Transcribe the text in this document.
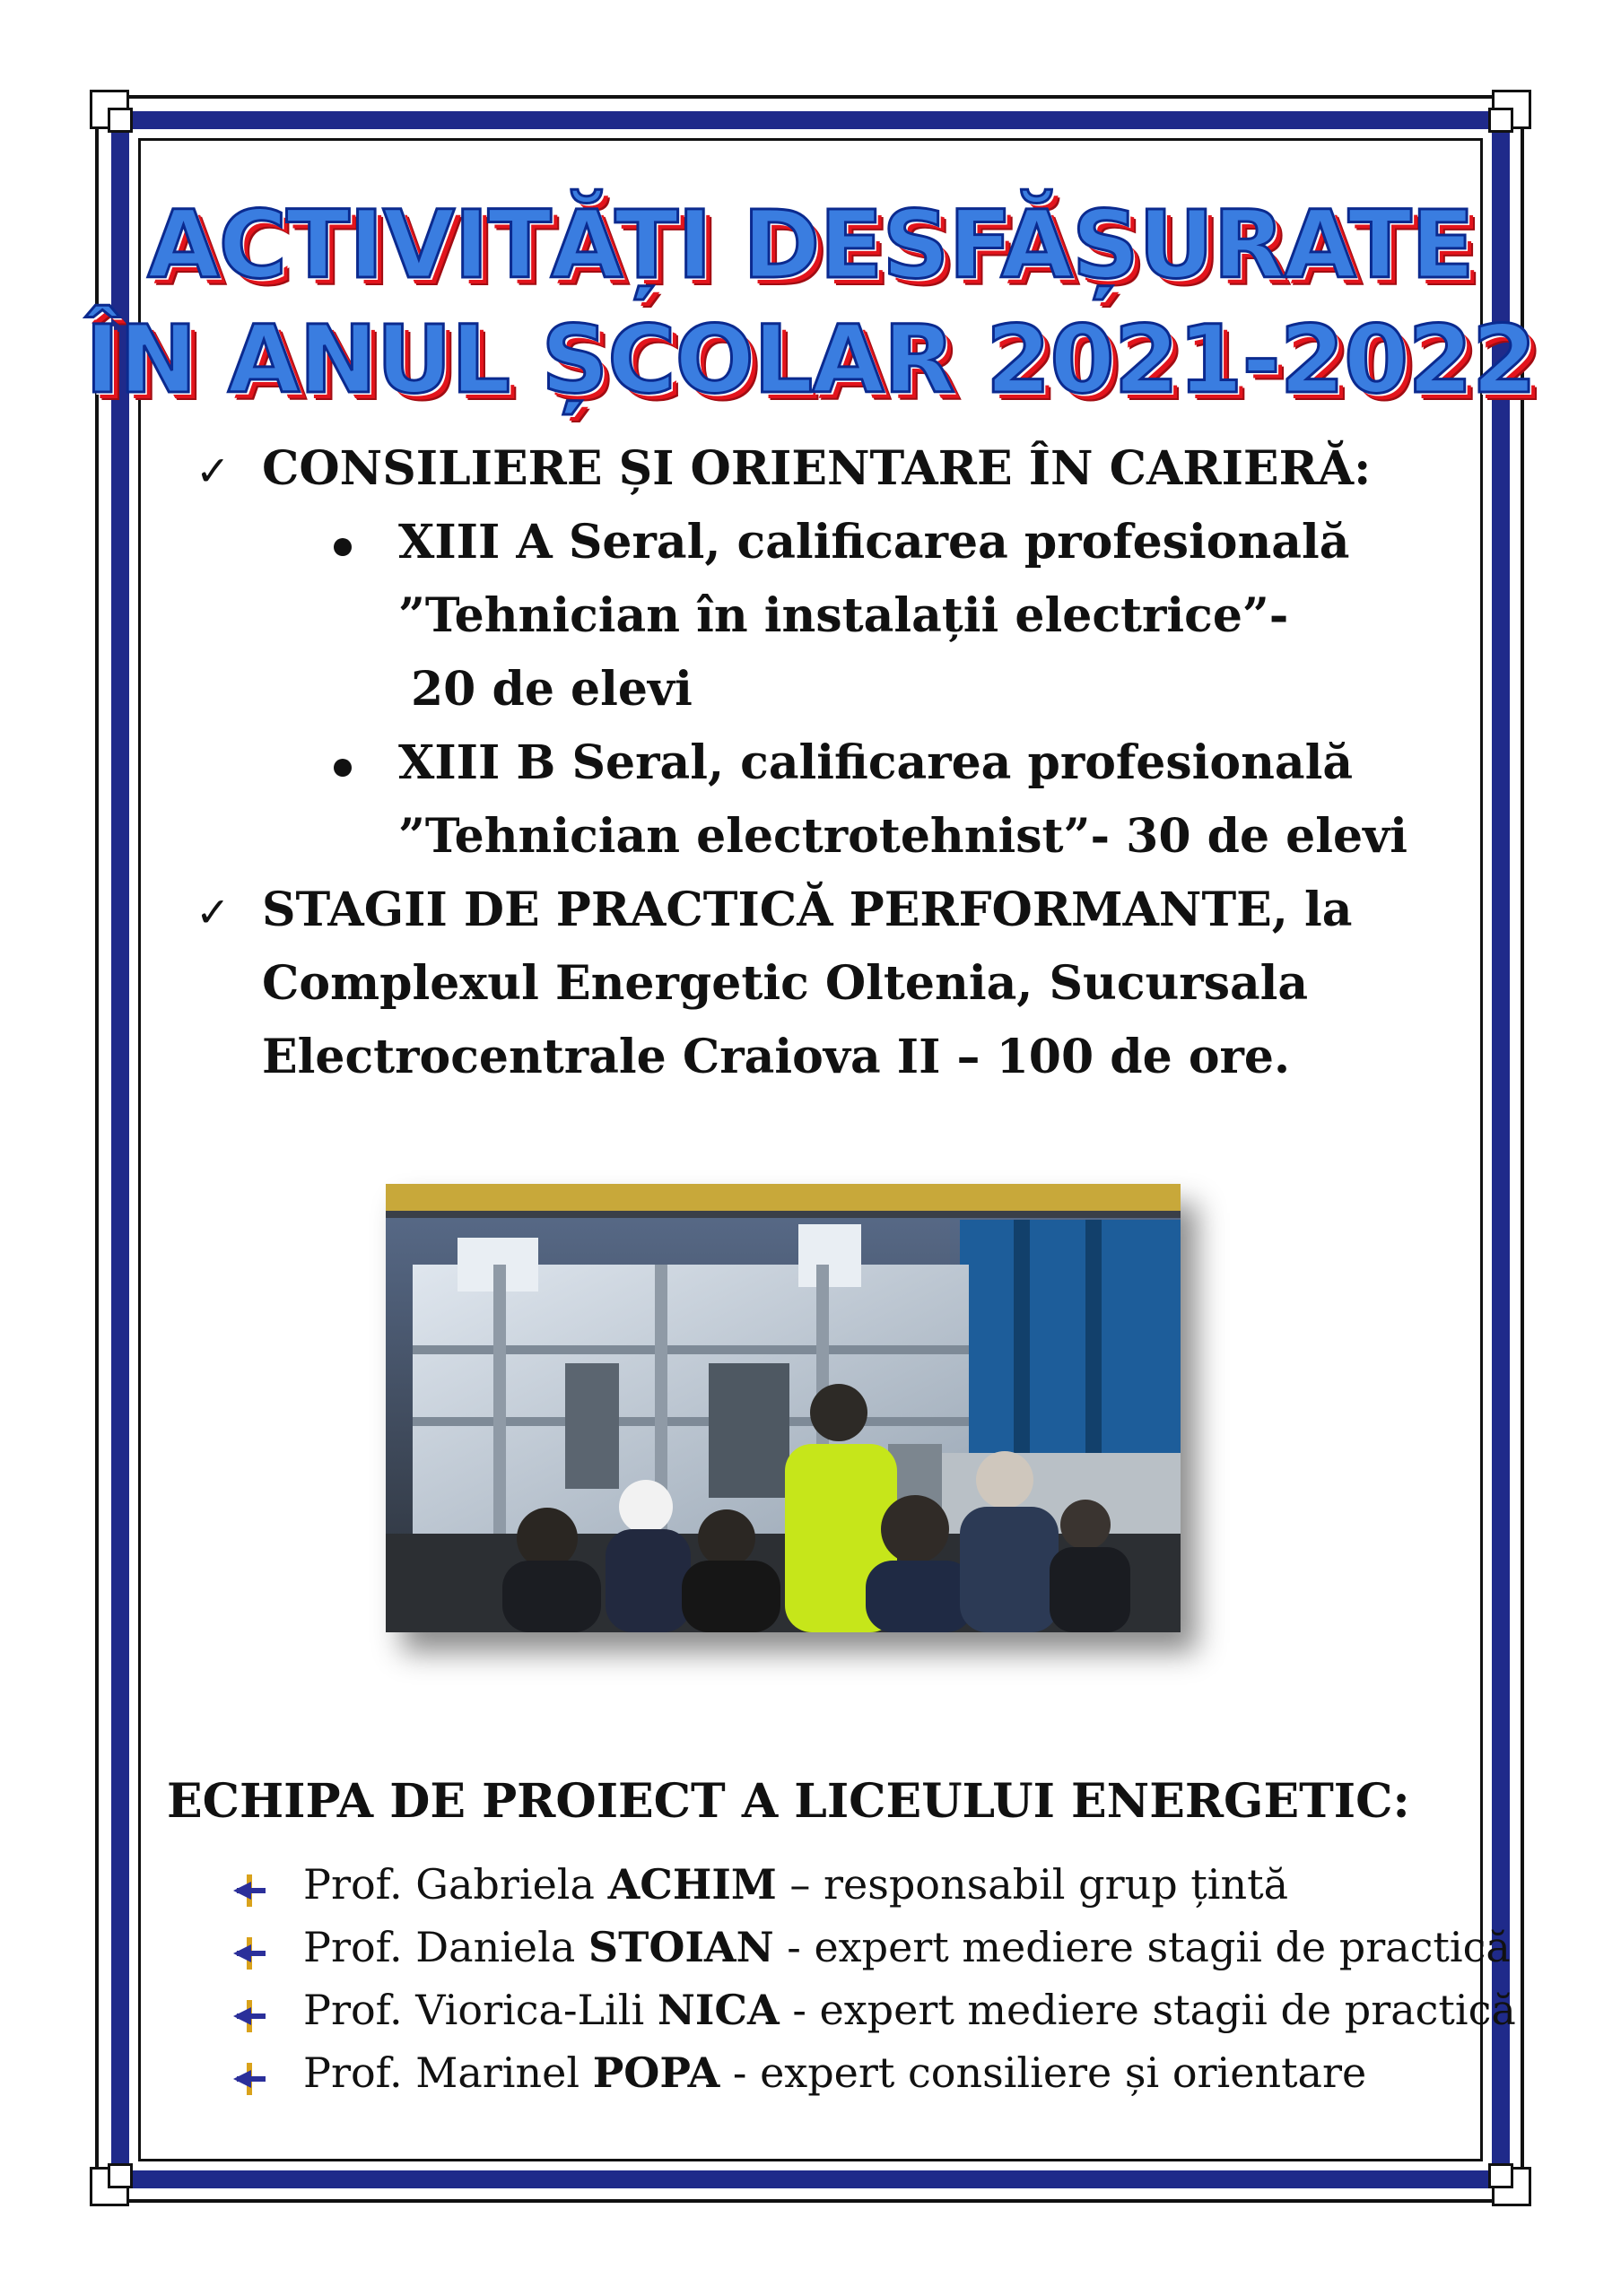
ACTIVITĂȚI DESFĂȘURATE
ÎN ANUL ȘCOLAR 2021-2022
✓ CONSILIERE ȘI ORIENTARE ÎN CARIERĂ:
XIII A Seral, calificarea profesională
”Tehnician în instalații electrice”-
20 de elevi
XIII B Seral, calificarea profesională
”Tehnician electrotehnist”- 30 de elevi
✓ STAGII DE PRACTICĂ PERFORMANTE, la
Complexul Energetic Oltenia, Sucursala
Electrocentrale Craiova II – 100 de ore.
ECHIPA DE PROIECT A LICEULUI ENERGETIC:
Prof. Gabriela ACHIM – responsabil grup țintă
Prof. Daniela STOIAN - expert mediere stagii de practică
Prof. Viorica-Lili NICA - expert mediere stagii de practică
Prof. Marinel POPA - expert consiliere și orientare
